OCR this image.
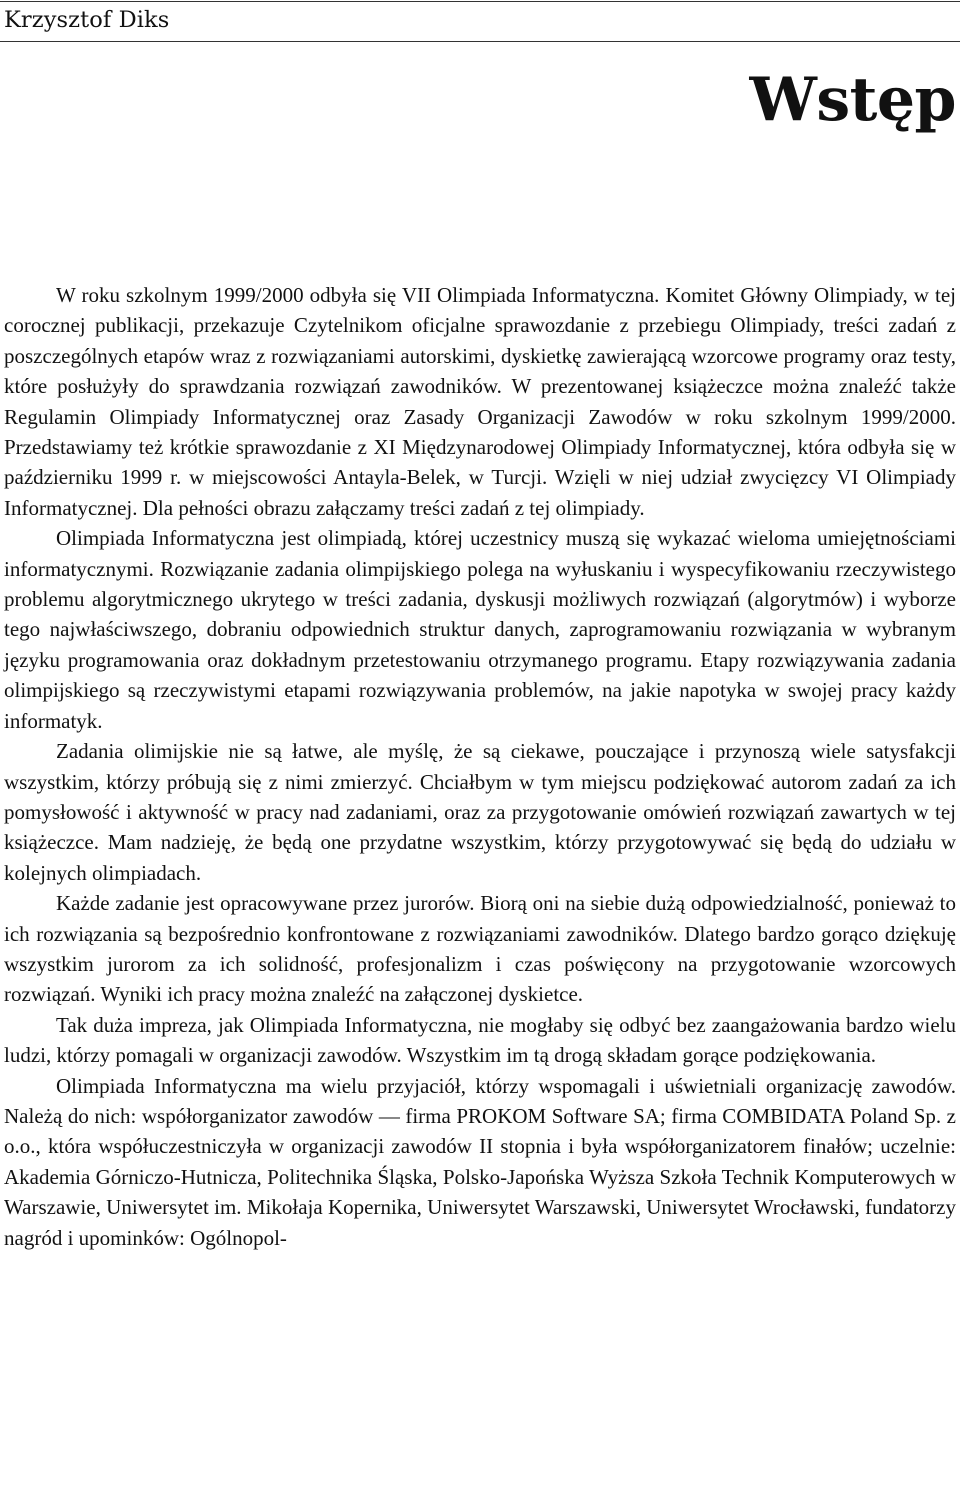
Krzysztof Diks
Wstęp

W roku szkolnym 1999/2000 odbyła się VII Olimpiada Informatyczna. Komitet Główny Olimpiady, w tej corocznej publikacji, przekazuje Czytelnikom oficjalne sprawozdanie z przebiegu Olimpiady, treści zadań z poszczególnych etapów wraz z rozwiązaniami autorskimi, dyskietkę zawierającą wzorcowe programy oraz testy, które posłużyły do sprawdzania rozwiązań zawodników. W prezentowanej książeczce można znaleźć także Regulamin Olimpiady Informatycznej oraz Zasady Organizacji Zawodów w roku szkolnym 1999/2000. Przedstawiamy też krótkie sprawozdanie z XI Międzynarodowej Olimpiady Informatycznej, która odbyła się w październiku 1999 r. w miejscowości Antayla-Belek, w Turcji. Wzięli w niej udział zwycięzcy VI Olimpiady Informatycznej. Dla pełności obrazu załączamy treści zadań z tej olimpiady.

Olimpiada Informatyczna jest olimpiadą, której uczestnicy muszą się wykazać wieloma umiejętnościami informatycznymi. Rozwiązanie zadania olimpijskiego polega na wyłuskaniu i wyspecyfikowaniu rzeczywistego problemu algorytmicznego ukrytego w treści zadania, dyskusji możliwych rozwiązań (algorytmów) i wyborze tego najwłaściwszego, dobraniu odpowiednich struktur danych, zaprogramowaniu rozwiązania w wybranym języku programowania oraz dokładnym przetestowaniu otrzymanego programu. Etapy rozwiązywania zadania olimpijskiego są rzeczywistymi etapami rozwiązywania problemów, na jakie napotyka w swojej pracy każdy informatyk.

Zadania olimijskie nie są łatwe, ale myślę, że są ciekawe, pouczające i przynoszą wiele satysfakcji wszystkim, którzy próbują się z nimi zmierzyć. Chciałbym w tym miejscu podziękować autorom zadań za ich pomysłowość i aktywność w pracy nad zadaniami, oraz za przygotowanie omówień rozwiązań zawartych w tej książeczce. Mam nadzieję, że będą one przydatne wszystkim, którzy przygotowywać się będą do udziału w kolejnych olimpiadach.

Każde zadanie jest opracowywane przez jurorów. Biorą oni na siebie dużą odpowiedzialność, ponieważ to ich rozwiązania są bezpośrednio konfrontowane z rozwiązaniami zawodników. Dlatego bardzo gorąco dziękuję wszystkim jurorom za ich solidność, profesjonalizm i czas poświęcony na przygotowanie wzorcowych rozwiązań. Wyniki ich pracy można znaleźć na załączonej dyskietce.

Tak duża impreza, jak Olimpiada Informatyczna, nie mogłaby się odbyć bez zaangażowania bardzo wielu ludzi, którzy pomagali w organizacji zawodów. Wszystkim im tą drogą składam gorące podziękowania.

Olimpiada Informatyczna ma wielu przyjaciół, którzy wspomagali i uświetniali organizację zawodów. Należą do nich: współorganizator zawodów — firma PROKOM Software SA; firma COMBIDATA Poland Sp. z o.o., która współuczestniczyła w organizacji zawodów II stopnia i była współorganizatorem finałów; uczelnie: Akademia Górniczo-Hutnicza, Politechnika Śląska, Polsko-Japońska Wyższa Szkoła Technik Komputerowych w Warszawie, Uniwersytet im. Mikołaja Kopernika, Uniwersytet Warszawski, Uniwersytet Wrocławski, fundatorzy nagród i upominków: Ogólnopol-
